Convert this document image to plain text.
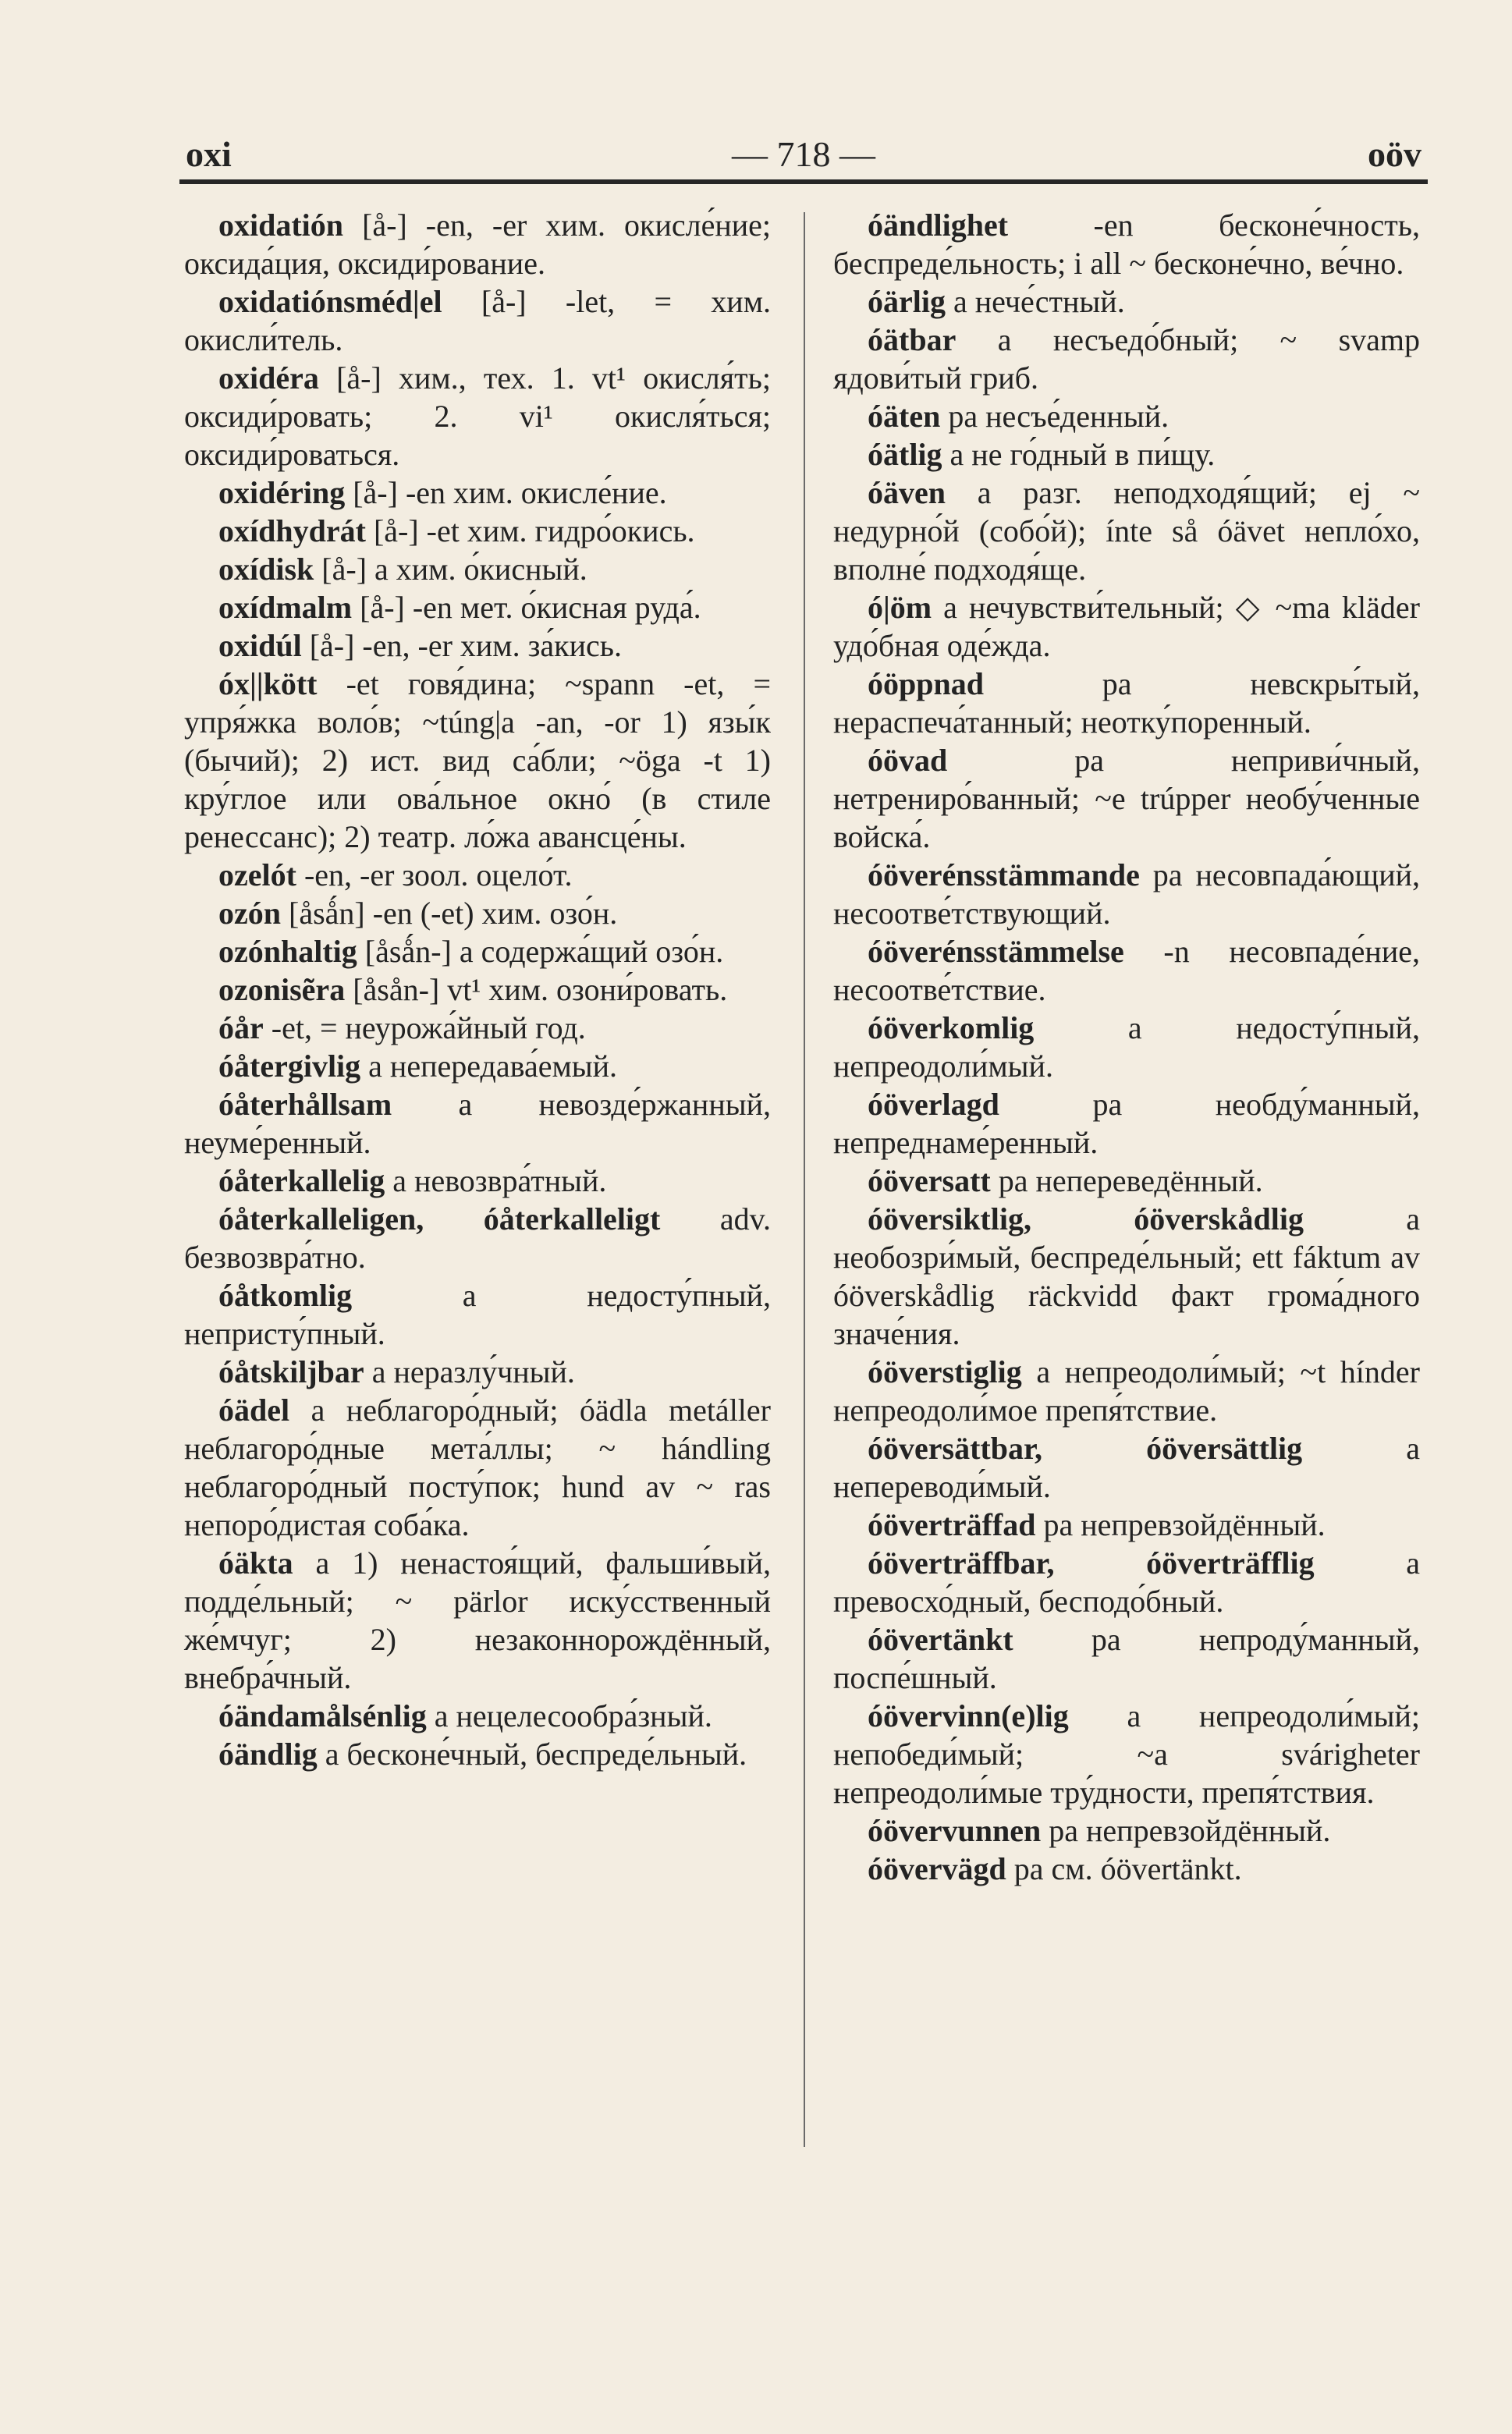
oxi	— 718 —	oöv

oxidatión [å-] -en, -er хим. окисле́ние; оксида́ция, оксиди́рование.

oxidatiónsméd|el [å-] -let, = хим. окисли́тель.

oxidéra [å-] хим., тех. 1. vt¹ окисля́ть; оксиди́ровать; 2. vi¹ окисля́ться; оксиди́роваться.

oxidéring [å-] -en хим. окисле́ние.

oxídhydrát [å-] -et хим. гидро́окись.

oxídisk [å-] a хим. о́кисный.

oxídmalm [å-] -en мет. о́кисная руда́.

oxidúl [å-] -en, -er хим. за́кись.

óx||kött -et говя́дина; ~spann -et, = упря́жка воло́в; ~túng|a -an, -or 1) язы́к (бычий); 2) ист. вид са́бли; ~öga -t 1) кру́глое или ова́льное окно́ (в стиле ренессанс); 2) театр. ло́жа авансце́ны.

ozelót -en, -er зоол. оцело́т.

ozón [åsǻn] -en (-et) хим. озо́н.

ozónhaltig [åsǻn-] a содержа́щий озо́н.

ozonisẽra [åsån-] vt¹ хим. озони́ровать.

óår -et, = неурожа́йный год.

óåtergivlig a непередава́емый.

óåterhållsam a невозде́ржанный, неуме́ренный.

óåterkallelig a невозвра́тный.

óåterkalleligen, óåterkalleligt adv. безвозвра́тно.

óåtkomlig	a недосту́пный, непристу́пный.

óåtskiljbar a неразлу́чный.

óädel a неблагоро́дный; óädla metáller неблагоро́дные мета́ллы; ~ hándling неблагоро́дный посту́пок; hund av ~ ras непоро́дистая соба́ка.

óäkta a 1) ненастоя́щий, фальши́вый, подде́льный; ~ pärlor иску́сственный же́мчуг; 2) незаконнорождённый, внебра́чный.

óändamålsénlig a нецелесообра́зный.

óändlig a бесконе́чный, беспреде́льный.

óändlighet	-en бесконе́чность, беспреде́льность; i all ~ бесконе́чно, ве́чно.

óärlig a нече́стный.

óätbar a несъедо́бный; ~ svamp ядови́тый гриб.

óäten pa несъе́денный.

óätlig a не го́дный в пи́щу.

óäven a разг. неподходя́щий; ej ~ недурно́й (собо́й); ínte så óävet непло́хо, вполне́ подходя́ще.

ó|öm a нечувстви́тельный; ◇ ~ma kläder удо́бная оде́жда.

óöppnad	pa невскры́тый, нераспеча́танный; неотку́поренный.

óövad	pa неприви́чный, нетрениро́ванный; ~e trúpper необу́ченные войска́.

óöverénsstämmande pa несовпада́ющий, несоотве́тствующий.

óöverénsstämmelse -n несовпаде́ние, несоотве́тствие.

óöverkomlig	a недосту́пный, непреодоли́мый.

óöverlagd	pa необду́манный, непреднаме́ренный.

óöversatt pa непереведённый.

óöversiktlig, óöverskådlig	a необозри́мый, беспреде́льный; ett fáktum av óöverskådlig räckvidd факт грома́дного значе́ния.

óöverstiglig a непреодоли́мый; ~t hínder непреодоли́мое препя́тствие.

óöversättbar, óöversättlig	a непереводи́мый.

óöverträffad pa непревзойдённый.

óöverträffbar, óöverträfflig	a превосхо́дный, бесподо́бный.

óövertänkt	pa непроду́манный, поспе́шный.

óövervinn(e)lig a непреодоли́мый; непобеди́мый; ~a svárigheter непреодоли́мые тру́дности, препя́тствия.

óövervunnen pa непревзойдённый.

óövervägd pa см. óövertänkt.
